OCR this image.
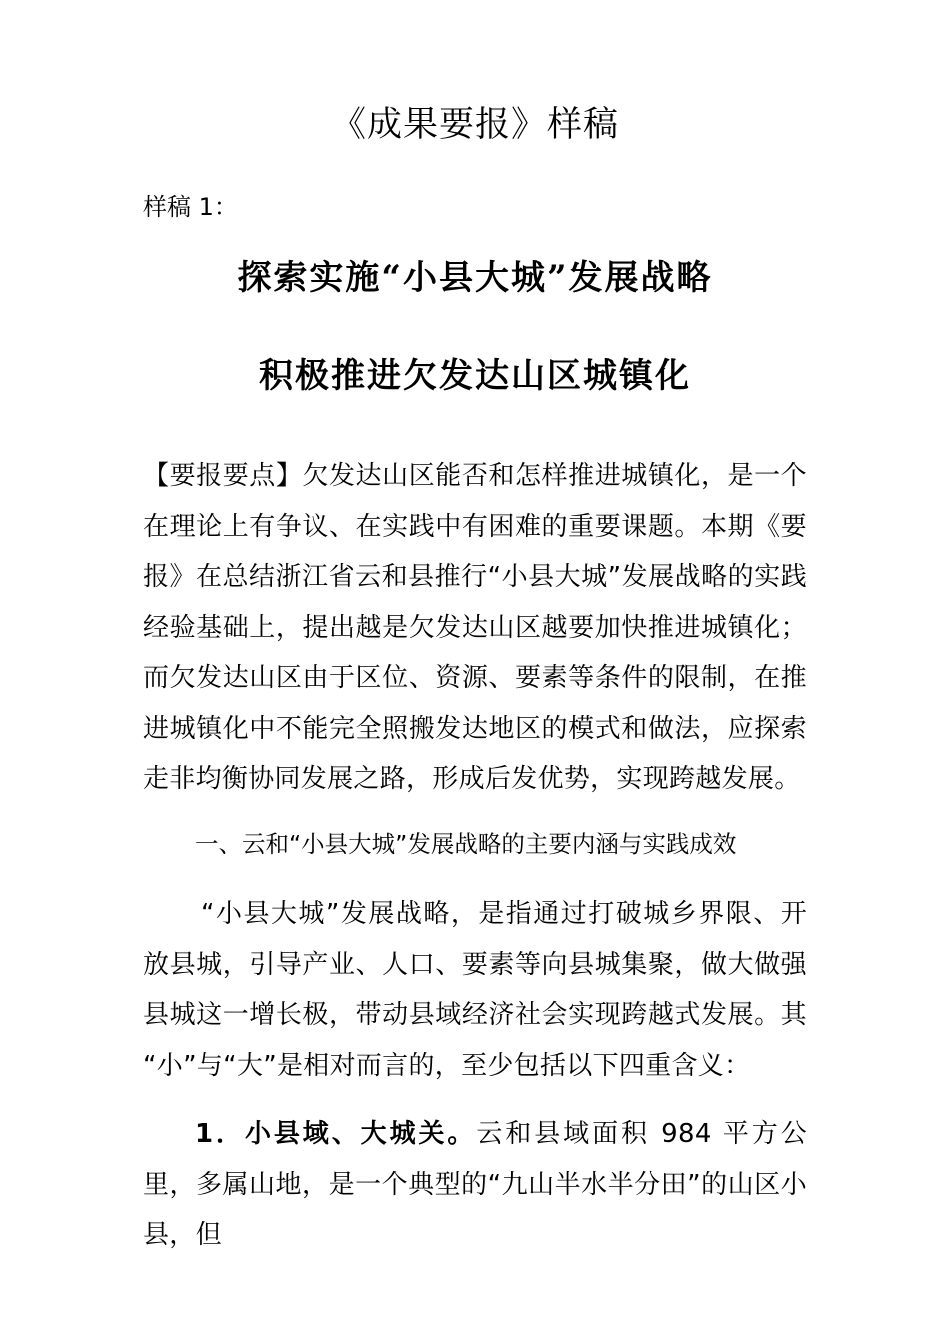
《成果要报》样稿
样稿 1：
探索实施“小县大城”发展战略
积极推进欠发达山区城镇化
【要报要点】欠发达山区能否和怎样推进城镇化，是一个在理论上有争议、在实践中有困难的重要课题。本期《要报》在总结浙江省云和县推行“小县大城”发展战略的实践经验基础上，提出越是欠发达山区越要加快推进城镇化；而欠发达山区由于区位、资源、要素等条件的限制，在推进城镇化中不能完全照搬发达地区的模式和做法，应探索走非均衡协同发展之路，形成后发优势，实现跨越发展。
一、云和“小县大城”发展战略的主要内涵与实践成效
“小县大城”发展战略，是指通过打破城乡界限、开放县城，引导产业、人口、要素等向县城集聚，做大做强县城这一增长极，带动县域经济社会实现跨越式发展。其 “小”与“大”是相对而言的，至少包括以下四重含义：
1．小县域、大城关。云和县域面积 984 平方公里，多属山地，是一个典型的“九山半水半分田”的山区小县，但
